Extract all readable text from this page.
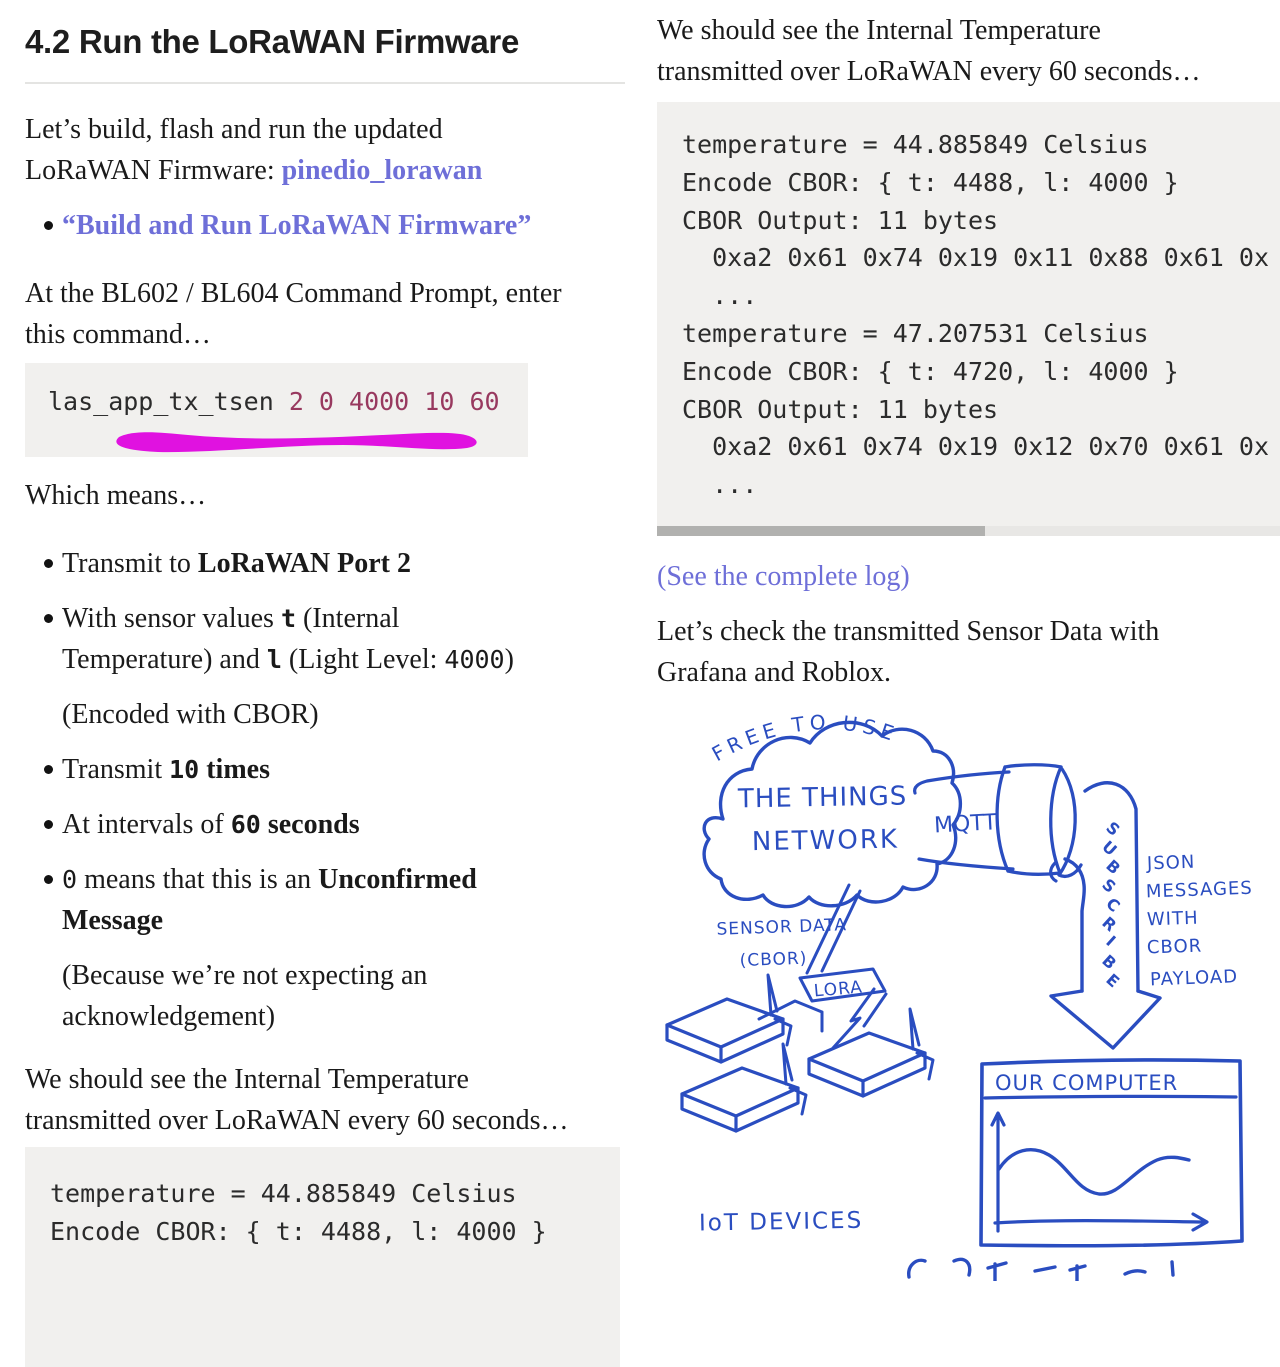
4.2 Run the LoRaWAN Firmware
Let’s build, flash and run the updated
LoRaWAN Firmware: pinedio_lorawan
“Build and Run LoRaWAN Firmware”
At the BL602 / BL604 Command Prompt, enter
this command…
las_app_tx_tsen 2 0 4000 10 60
Which means…
Transmit to LoRaWAN Port 2
With sensor values t (Internal
Temperature) and l (Light Level: 4000)
(Encoded with CBOR)
Transmit 10 times
At intervals of 60 seconds
0 means that this is an Unconfirmed
Message
(Because we’re not expecting an
acknowledgement)
We should see the Internal Temperature
transmitted over LoRaWAN every 60 seconds…
temperature = 44.885849 Celsius
Encode CBOR: { t: 4488, l: 4000 }
We should see the Internal Temperature
transmitted over LoRaWAN every 60 seconds…
temperature = 44.885849 Celsius
Encode CBOR: { t: 4488, l: 4000 }
CBOR Output: 11 bytes
0xa2 0x61 0x74 0x19 0x11 0x88 0x61 0x
...
temperature = 47.207531 Celsius
Encode CBOR: { t: 4720, l: 4000 }
CBOR Output: 11 bytes
0xa2 0x61 0x74 0x19 0x12 0x70 0x61 0x
...
(See the complete log)
Let’s check the transmitted Sensor Data with
Grafana and Roblox.
FREE TO USE
THE THINGS
NETWORK
MQTT	S U B S C R I B E
JSON
MESSAGES
WITH
CBOR
PAYLOAD
SENSOR DATA
(CBOR)
LORA
IoT DEVICES
OUR COMPUTER
